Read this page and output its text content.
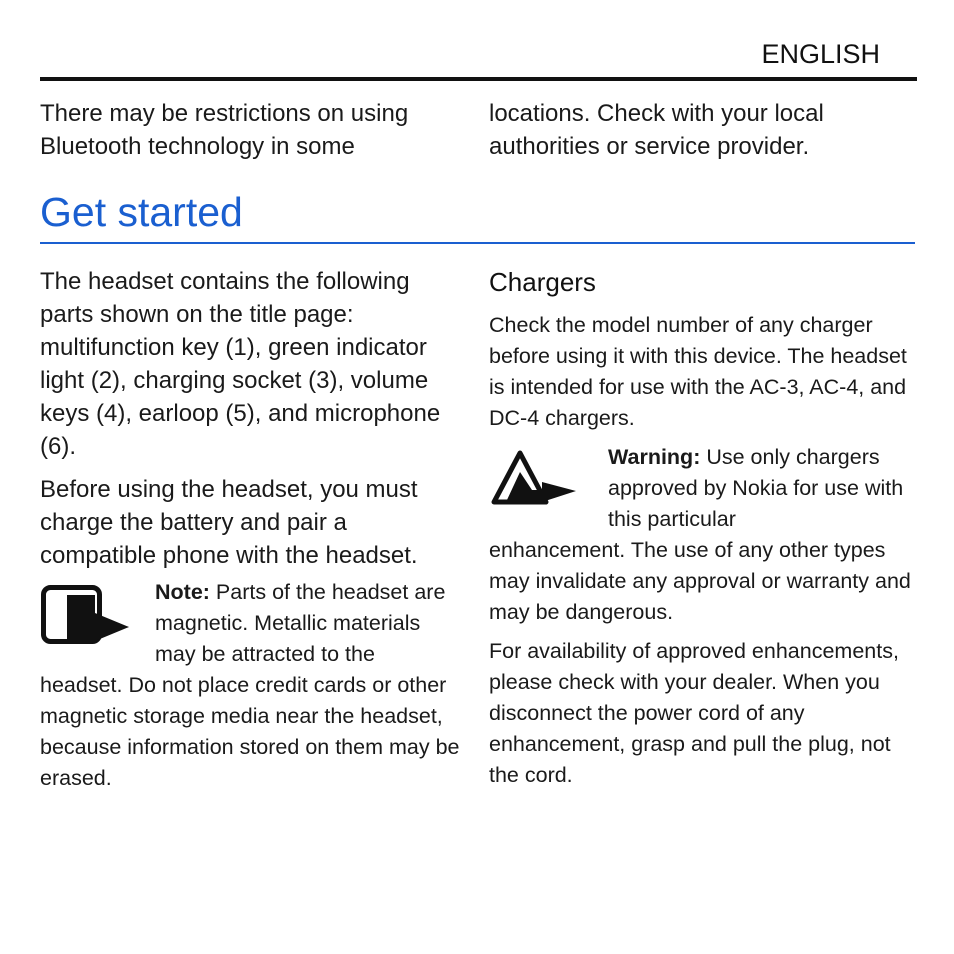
ENGLISH

There may be restrictions on using Bluetooth technology in some

locations. Check with your local authorities or service provider.

Get started

The headset contains the following parts shown on the title page: multifunction key (1), green indicator light (2), charging socket (3), volume keys (4), earloop (5), and microphone (6).

Before using the headset, you must charge the battery and pair a compatible phone with the headset.

Note: Parts of the headset are magnetic. Metallic materials may be attracted to the

headset. Do not place credit cards or other magnetic storage media near the headset, because information stored on them may be erased.

Chargers

Check the model number of any charger before using it with this device. The headset is intended for use with the AC-3, AC-4, and DC-4 chargers.

Warning: Use only chargers approved by Nokia for use with this particular

enhancement. The use of any other types may invalidate any approval or warranty and may be dangerous.

For availability of approved enhancements, please check with your dealer. When you disconnect the power cord of any enhancement, grasp and pull the plug, not the cord.
